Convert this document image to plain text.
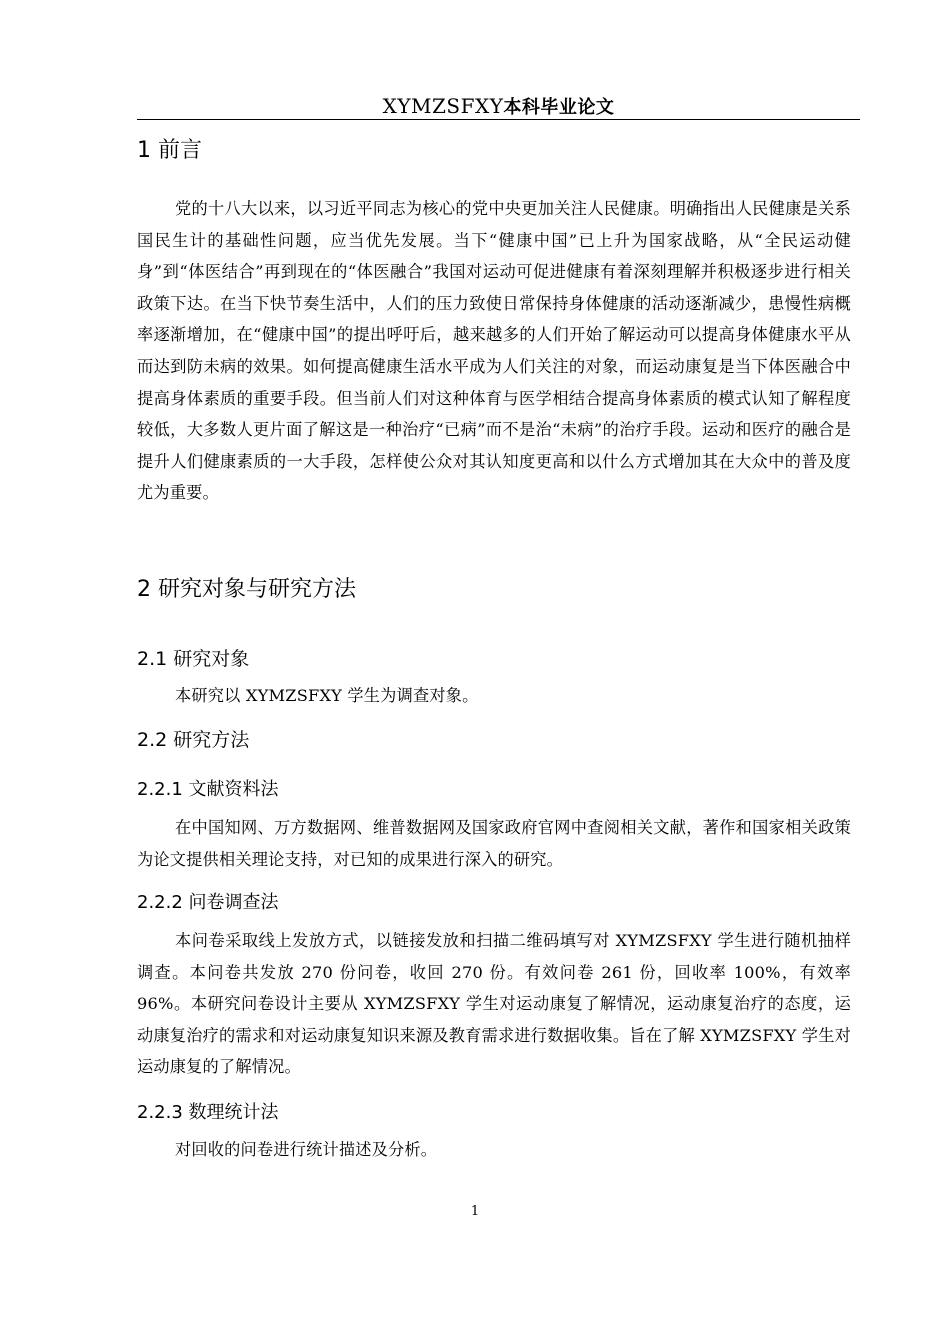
XYMZSFXY本科毕业论文
1 前言

党的十八大以来，以习近平同志为核心的党中央更加关注人民健康。明确指出人民健康是关系国民生计的基础性问题，应当优先发展。当下“健康中国”已上升为国家战略，从“全民运动健身”到“体医结合”再到现在的“体医融合”我国对运动可促进健康有着深刻理解并积极逐步进行相关政策下达。在当下快节奏生活中，人们的压力致使日常保持身体健康的活动逐渐减少，患慢性病概率逐渐增加，在“健康中国”的提出呼吁后，越来越多的人们开始了解运动可以提高身体健康水平从而达到防未病的效果。如何提高健康生活水平成为人们关注的对象，而运动康复是当下体医融合中提高身体素质的重要手段。但当前人们对这种体育与医学相结合提高身体素质的模式认知了解程度较低，大多数人更片面了解这是一种治疗“已病”而不是治“未病”的治疗手段。运动和医疗的融合是提升人们健康素质的一大手段，怎样使公众对其认知度更高和以什么方式增加其在大众中的普及度尤为重要。

2 研究对象与研究方法
2.1 研究对象

本研究以 XYMZSFXY 学生为调查对象。

2.2 研究方法
2.2.1 文献资料法

在中国知网、万方数据网、维普数据网及国家政府官网中查阅相关文献，著作和国家相关政策为论文提供相关理论支持，对已知的成果进行深入的研究。

2.2.2 问卷调查法

本问卷采取线上发放方式，以链接发放和扫描二维码填写对 XYMZSFXY 学生进行随机抽样调查。本问卷共发放 270 份问卷，收回 270 份。有效问卷 261 份，回收率 100%，有效率 96%。本研究问卷设计主要从 XYMZSFXY 学生对运动康复了解情况，运动康复治疗的态度，运动康复治疗的需求和对运动康复知识来源及教育需求进行数据收集。旨在了解 XYMZSFXY 学生对运动康复的了解情况。

2.2.3 数理统计法

对回收的问卷进行统计描述及分析。

1
